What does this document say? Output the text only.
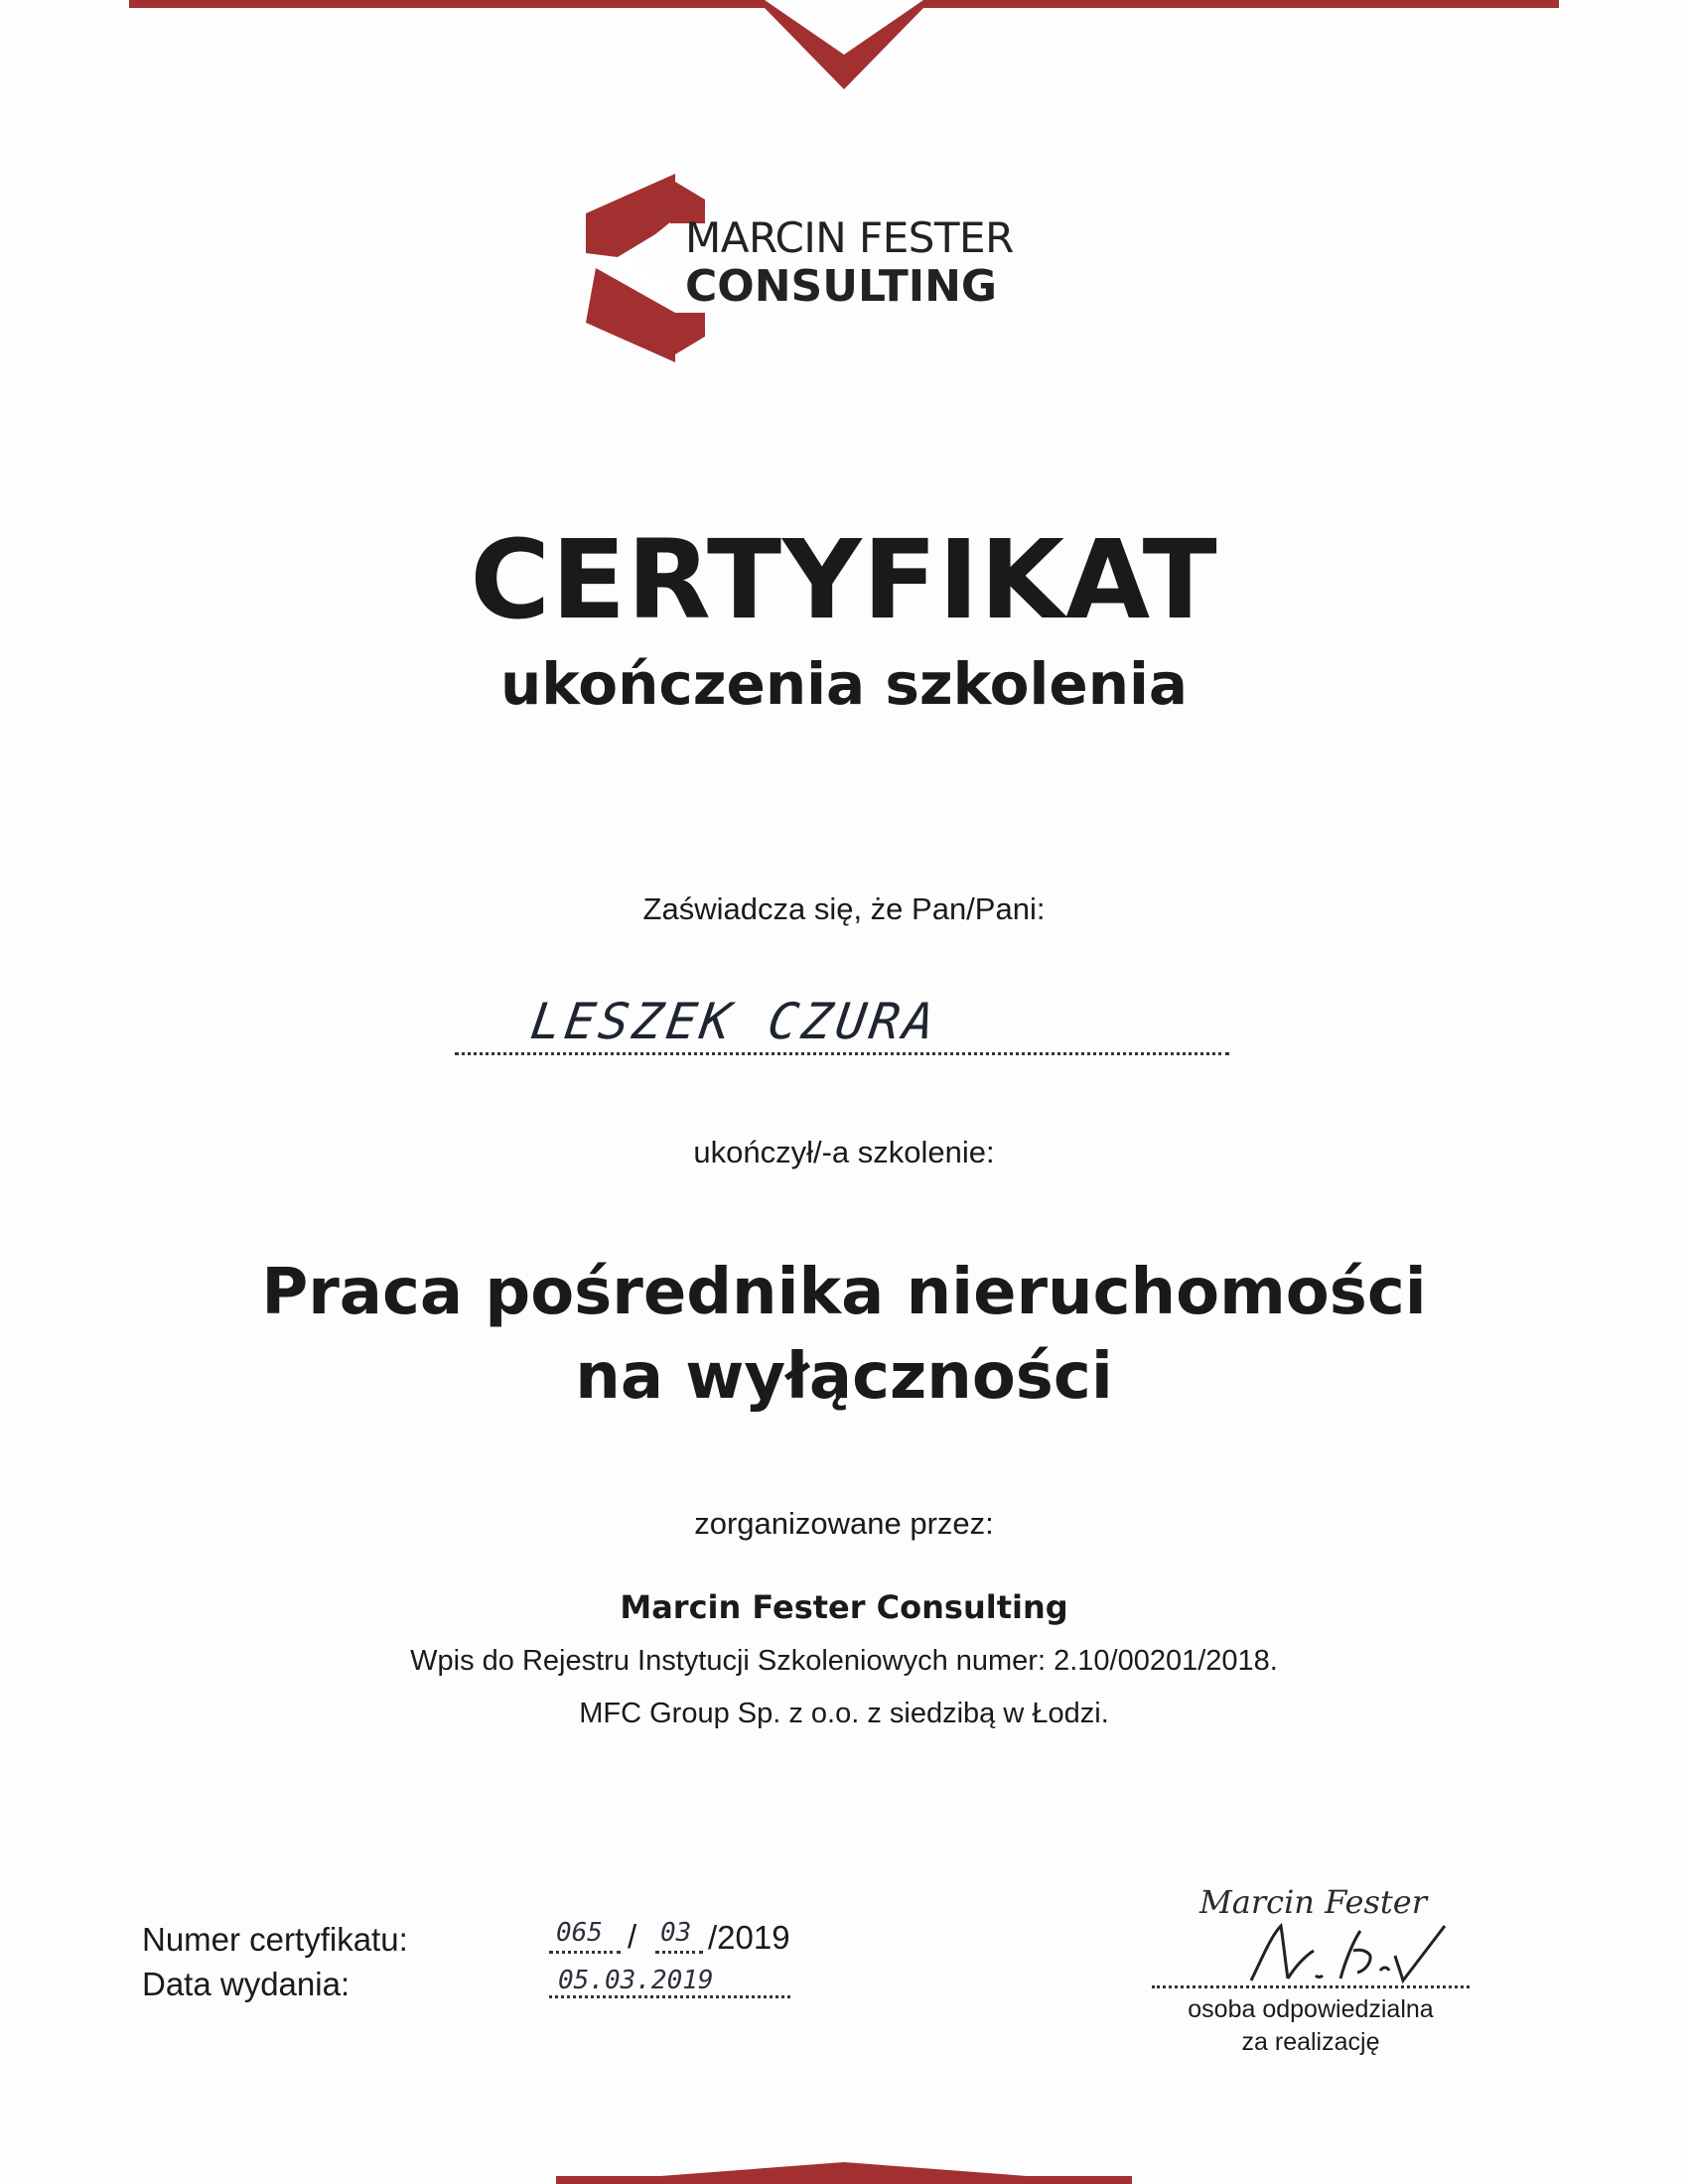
MARCIN FESTER
CONSULTING
CERTYFIKAT
ukończenia szkolenia
Zaświadcza się, że Pan/Pani:
LESZEK CZURA
ukończył/-a szkolenie:
Praca pośrednika nieruchomości
na wyłączności
zorganizowane przez:
Marcin Fester Consulting
Wpis do Rejestru Instytucji Szkoleniowych numer: 2.10/00201/2018.
MFC Group Sp. z o.o. z siedzibą w Łodzi.
Numer certyfikatu:
Data wydania:
065 / 03 /2019
05.03.2019
Marcin Fester
osoba odpowiedzialna
za realizację
